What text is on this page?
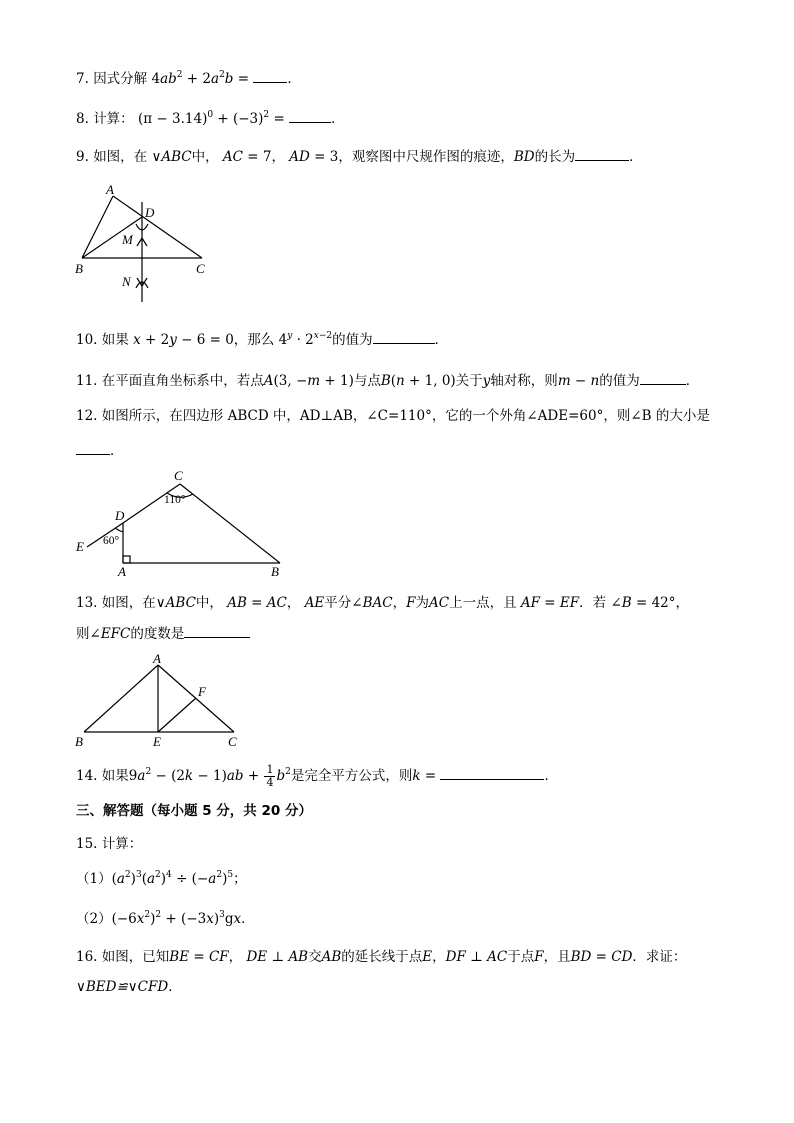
7. 因式分解 $4ab^2 + 2a^2b$ =	．
8. 计算： $(\pi - 3.14)^0 + (-3)^2$ =	．
9. 如图，在 ∨ABC中， AC = 7， AD = 3，观察图中尺规作图的痕迹，BD的长为	．
A
D
M
B	C
N
10. 如果 x + 2y − 6 = 0，那么 $4^y \cdot 2^{x-2}$的值为	．
11. 在平面直角坐标系中，若点A(3, −m + 1)与点B(n + 1, 0)关于y轴对称，则m − n的值为	．
12. 如图所示，在四边形 ABCD 中，AD⊥AB，∠C=110°，它的一个外角∠ADE=60°，则∠B 的大小是
．
C
110°
D
60°
E
A	B
13. 如图，在∨ABC中， AB = AC， AE平分∠BAC，F为AC上一点，且 AF = EF．若 ∠B = 42°，
则∠EFC的度数是
A
F
B	E	C
14. 如果$9a^2 - (2k - 1)ab + \frac{1}{4} b^2$是完全平方公式，则k =	．
三、解答题（每小题 5 分，共 20 分）
15. 计算：
$(1)(a^2)^3(a^2)^4 \div (-a^2)^5$；
$(2)(-6x^2)^2 + (-3x)^3gx$．
16. 如图，已知BE = CF， DE ⊥ AB交AB的延长线于点E，DF ⊥ AC于点F，且BD = CD．求证：
∨BED≌∨CFD．
